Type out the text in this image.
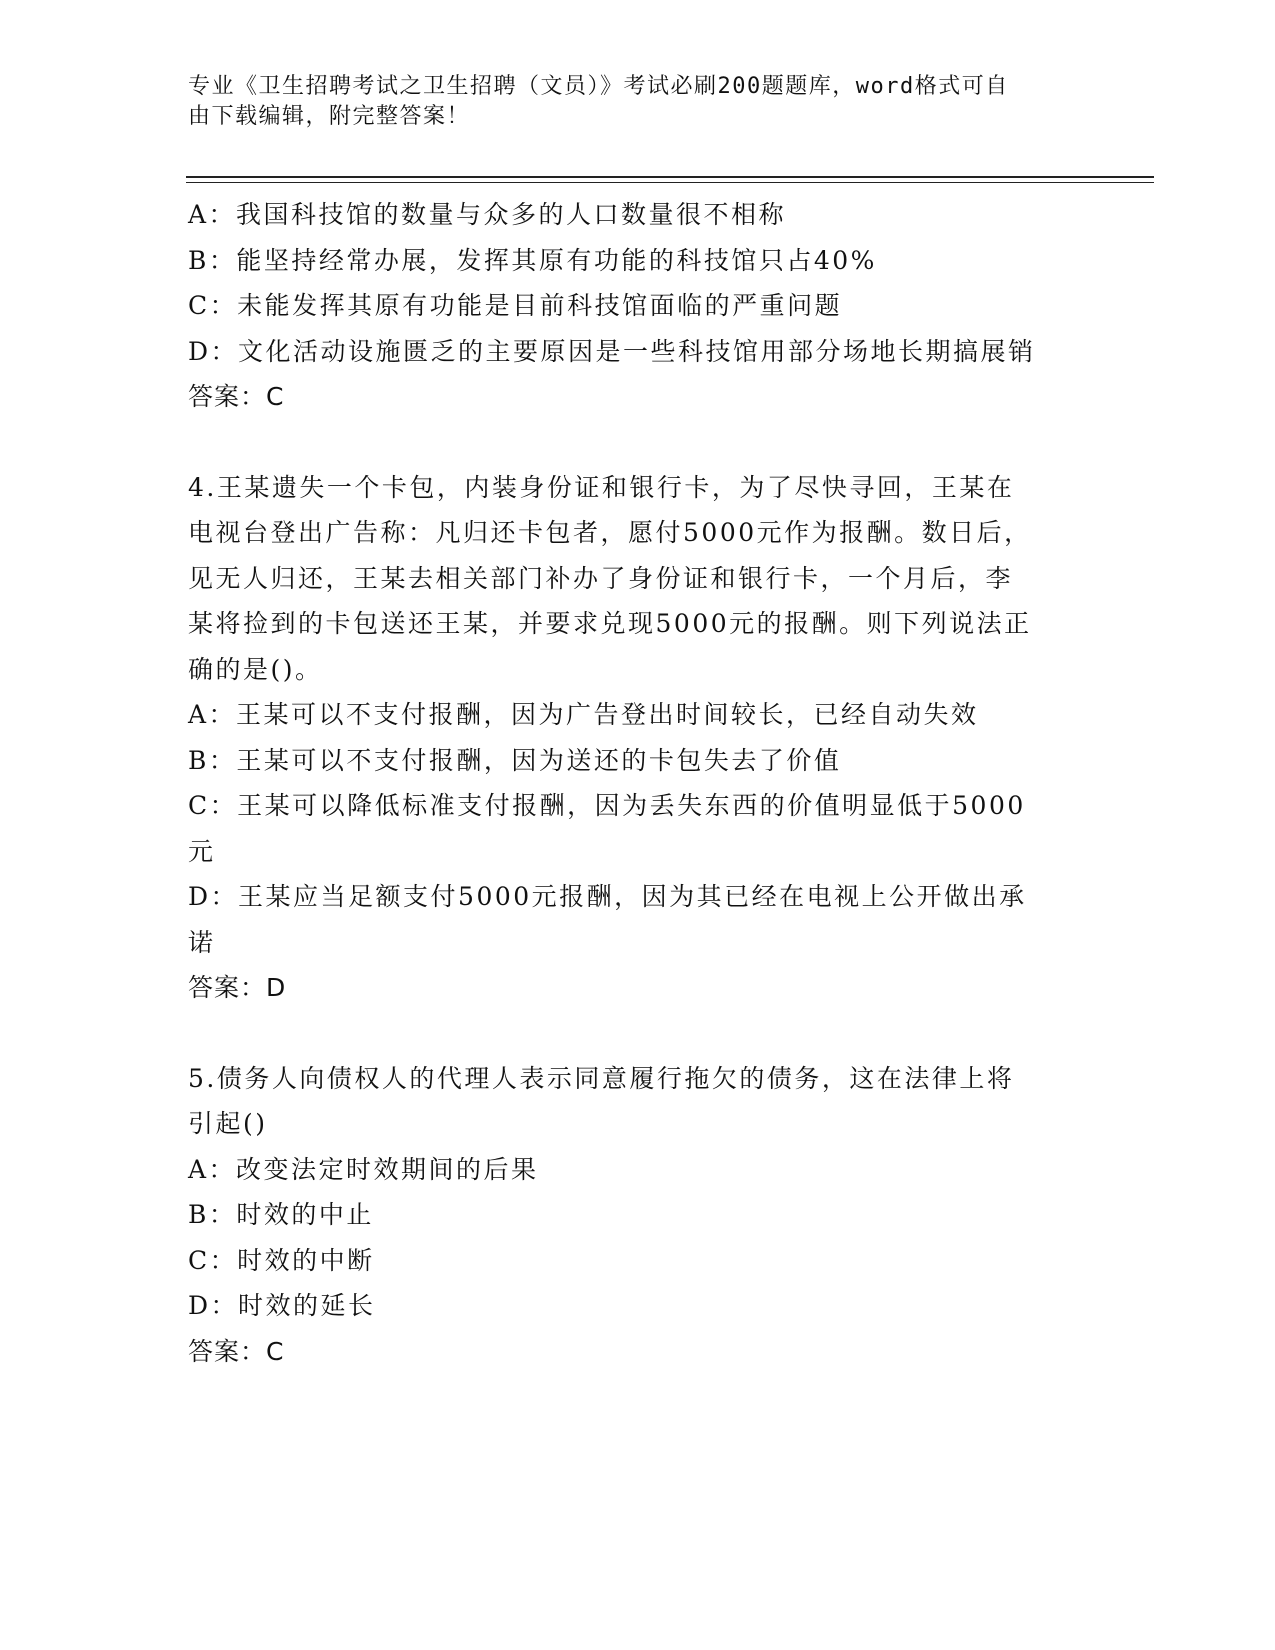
专业《卫生招聘考试之卫生招聘（文员）》考试必刷200题题库，word格式可自
由下载编辑，附完整答案！

A：我国科技馆的数量与众多的人口数量很不相称

B：能坚持经常办展，发挥其原有功能的科技馆只占40%

C：未能发挥其原有功能是目前科技馆面临的严重问题

D：文化活动设施匮乏的主要原因是一些科技馆用部分场地长期搞展销

答案：C

4.王某遗失一个卡包，内装身份证和银行卡，为了尽快寻回，王某在

电视台登出广告称：凡归还卡包者，愿付5000元作为报酬。数日后，

见无人归还，王某去相关部门补办了身份证和银行卡，一个月后，李

某将捡到的卡包送还王某，并要求兑现5000元的报酬。则下列说法正

确的是()。

A：王某可以不支付报酬，因为广告登出时间较长，已经自动失效

B：王某可以不支付报酬，因为送还的卡包失去了价值

C：王某可以降低标准支付报酬，因为丢失东西的价值明显低于5000

元

D：王某应当足额支付5000元报酬，因为其已经在电视上公开做出承

诺

答案：D

5.债务人向债权人的代理人表示同意履行拖欠的债务，这在法律上将

引起()

A：改变法定时效期间的后果

B：时效的中止

C：时效的中断

D：时效的延长

答案：C
